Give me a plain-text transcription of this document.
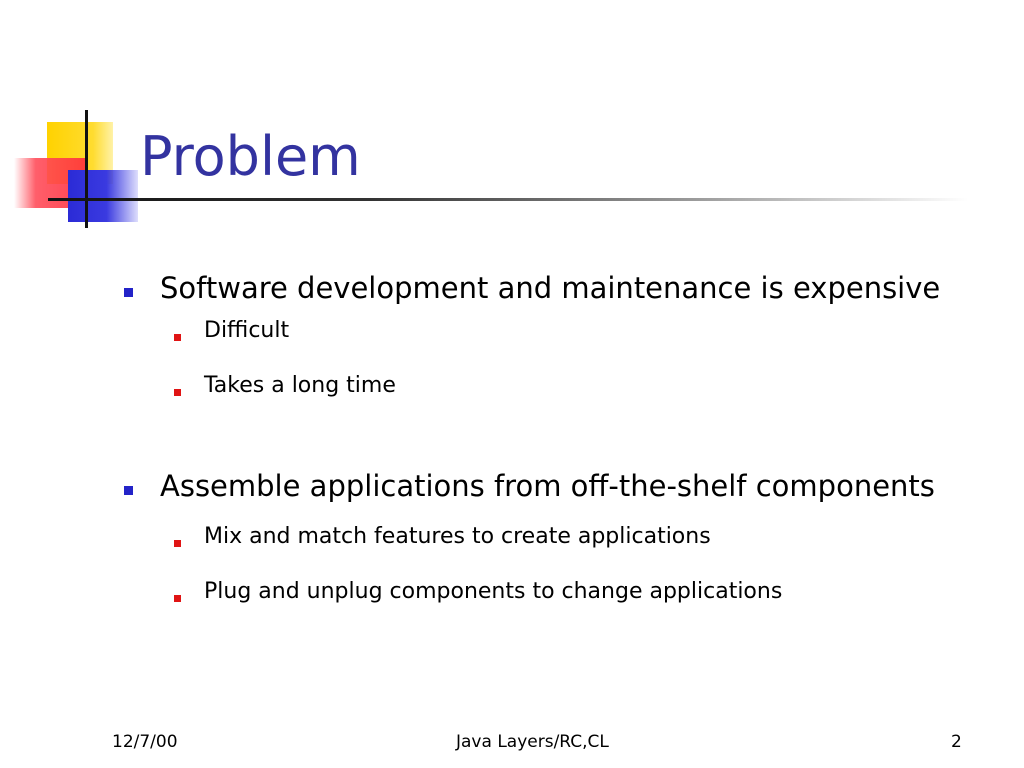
Problem
Software development and maintenance is expensive
Difficult
Takes a long time
Assemble applications from off-the-shelf components
Mix and match features to create applications
Plug and unplug components to change applications
12/7/00	Java Layers/RC,CL	2
